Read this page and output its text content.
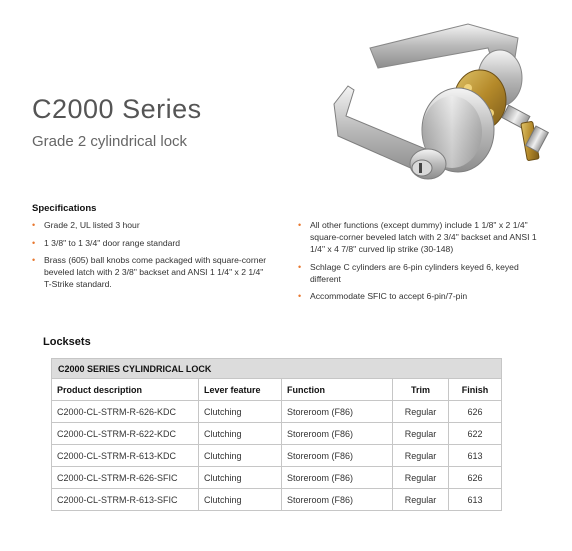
C2000 Series
Grade 2 cylindrical lock
Specifications
• Grade 2, UL listed 3 hour
• 1 3/8" to 1 3/4" door range standard
• Brass (605) ball knobs come packaged with square-corner beveled latch with 2 3/8" backset and ANSI 1 1/4" x 2 1/4" T-Strike standard.
• All other functions (except dummy) include 1 1/8" x 2 1/4" square-corner beveled latch with 2 3/4" backset and ANSI 1 1/4" x 4 7/8" curved lip strike (30-148)
• Schlage C cylinders are 6-pin cylinders keyed 6, keyed different
• Accommodate SFIC to accept 6-pin/7-pin
Locksets
C2000 SERIES CYLINDRICAL LOCK				
Product description	Lever feature	Function	Trim	Finish
C2000-CL-STRM-R-626-KDC	Clutching	Storeroom (F86)	Regular	626
C2000-CL-STRM-R-622-KDC	Clutching	Storeroom (F86)	Regular	622
C2000-CL-STRM-R-613-KDC	Clutching	Storeroom (F86)	Regular	613
C2000-CL-STRM-R-626-SFIC	Clutching	Storeroom (F86)	Regular	626
C2000-CL-STRM-R-613-SFIC	Clutching	Storeroom (F86)	Regular	613
